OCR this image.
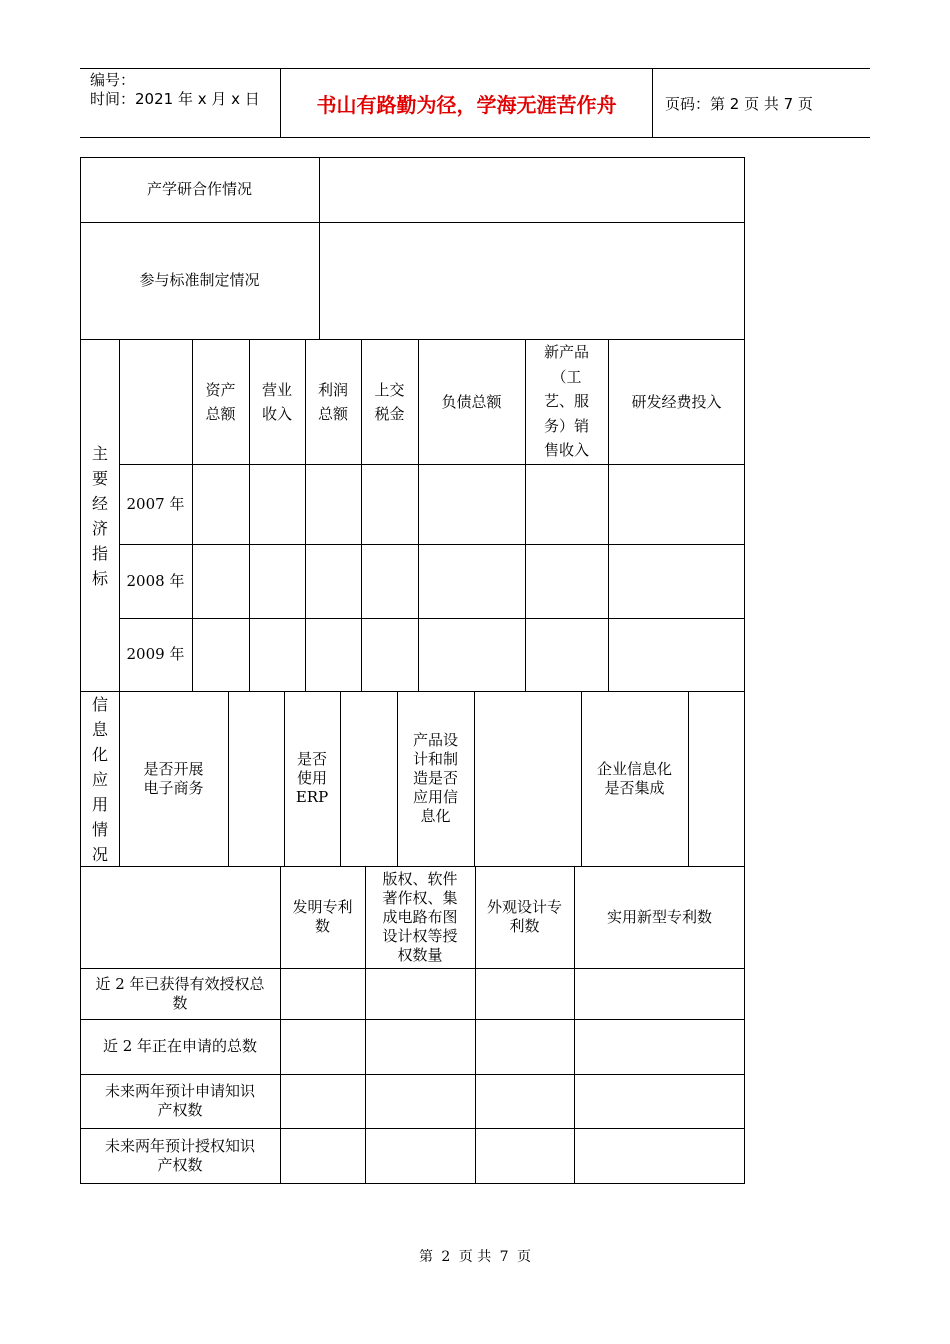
编号：
时间：2021 年 x 月 x 日	书山有路勤为径，学海无涯苦作舟	页码：第 2 页 共 7 页
产学研合作情况
参与标准制定情况
主
要
经
济
指
标
资产
总额
营业
收入
利润
总额
上交
税金
负债总额
新产品
（工
艺、服
务）销
售收入
研发经费投入
2007 年
2008 年
2009 年
信
息
化
应
用
情
况
是否开展
电子商务
是否
使用
ERP
产品设
计和制
造是否
应用信
息化
企业信息化
是否集成
发明专利
数
版权、软件
著作权、集
成电路布图
设计权等授
权数量
外观设计专
利数
实用新型专利数
近 2 年已获得有效授权总
数
近 2 年正在申请的总数
未来两年预计申请知识
产权数
未来两年预计授权知识
产权数
第 2 页 共 7 页
